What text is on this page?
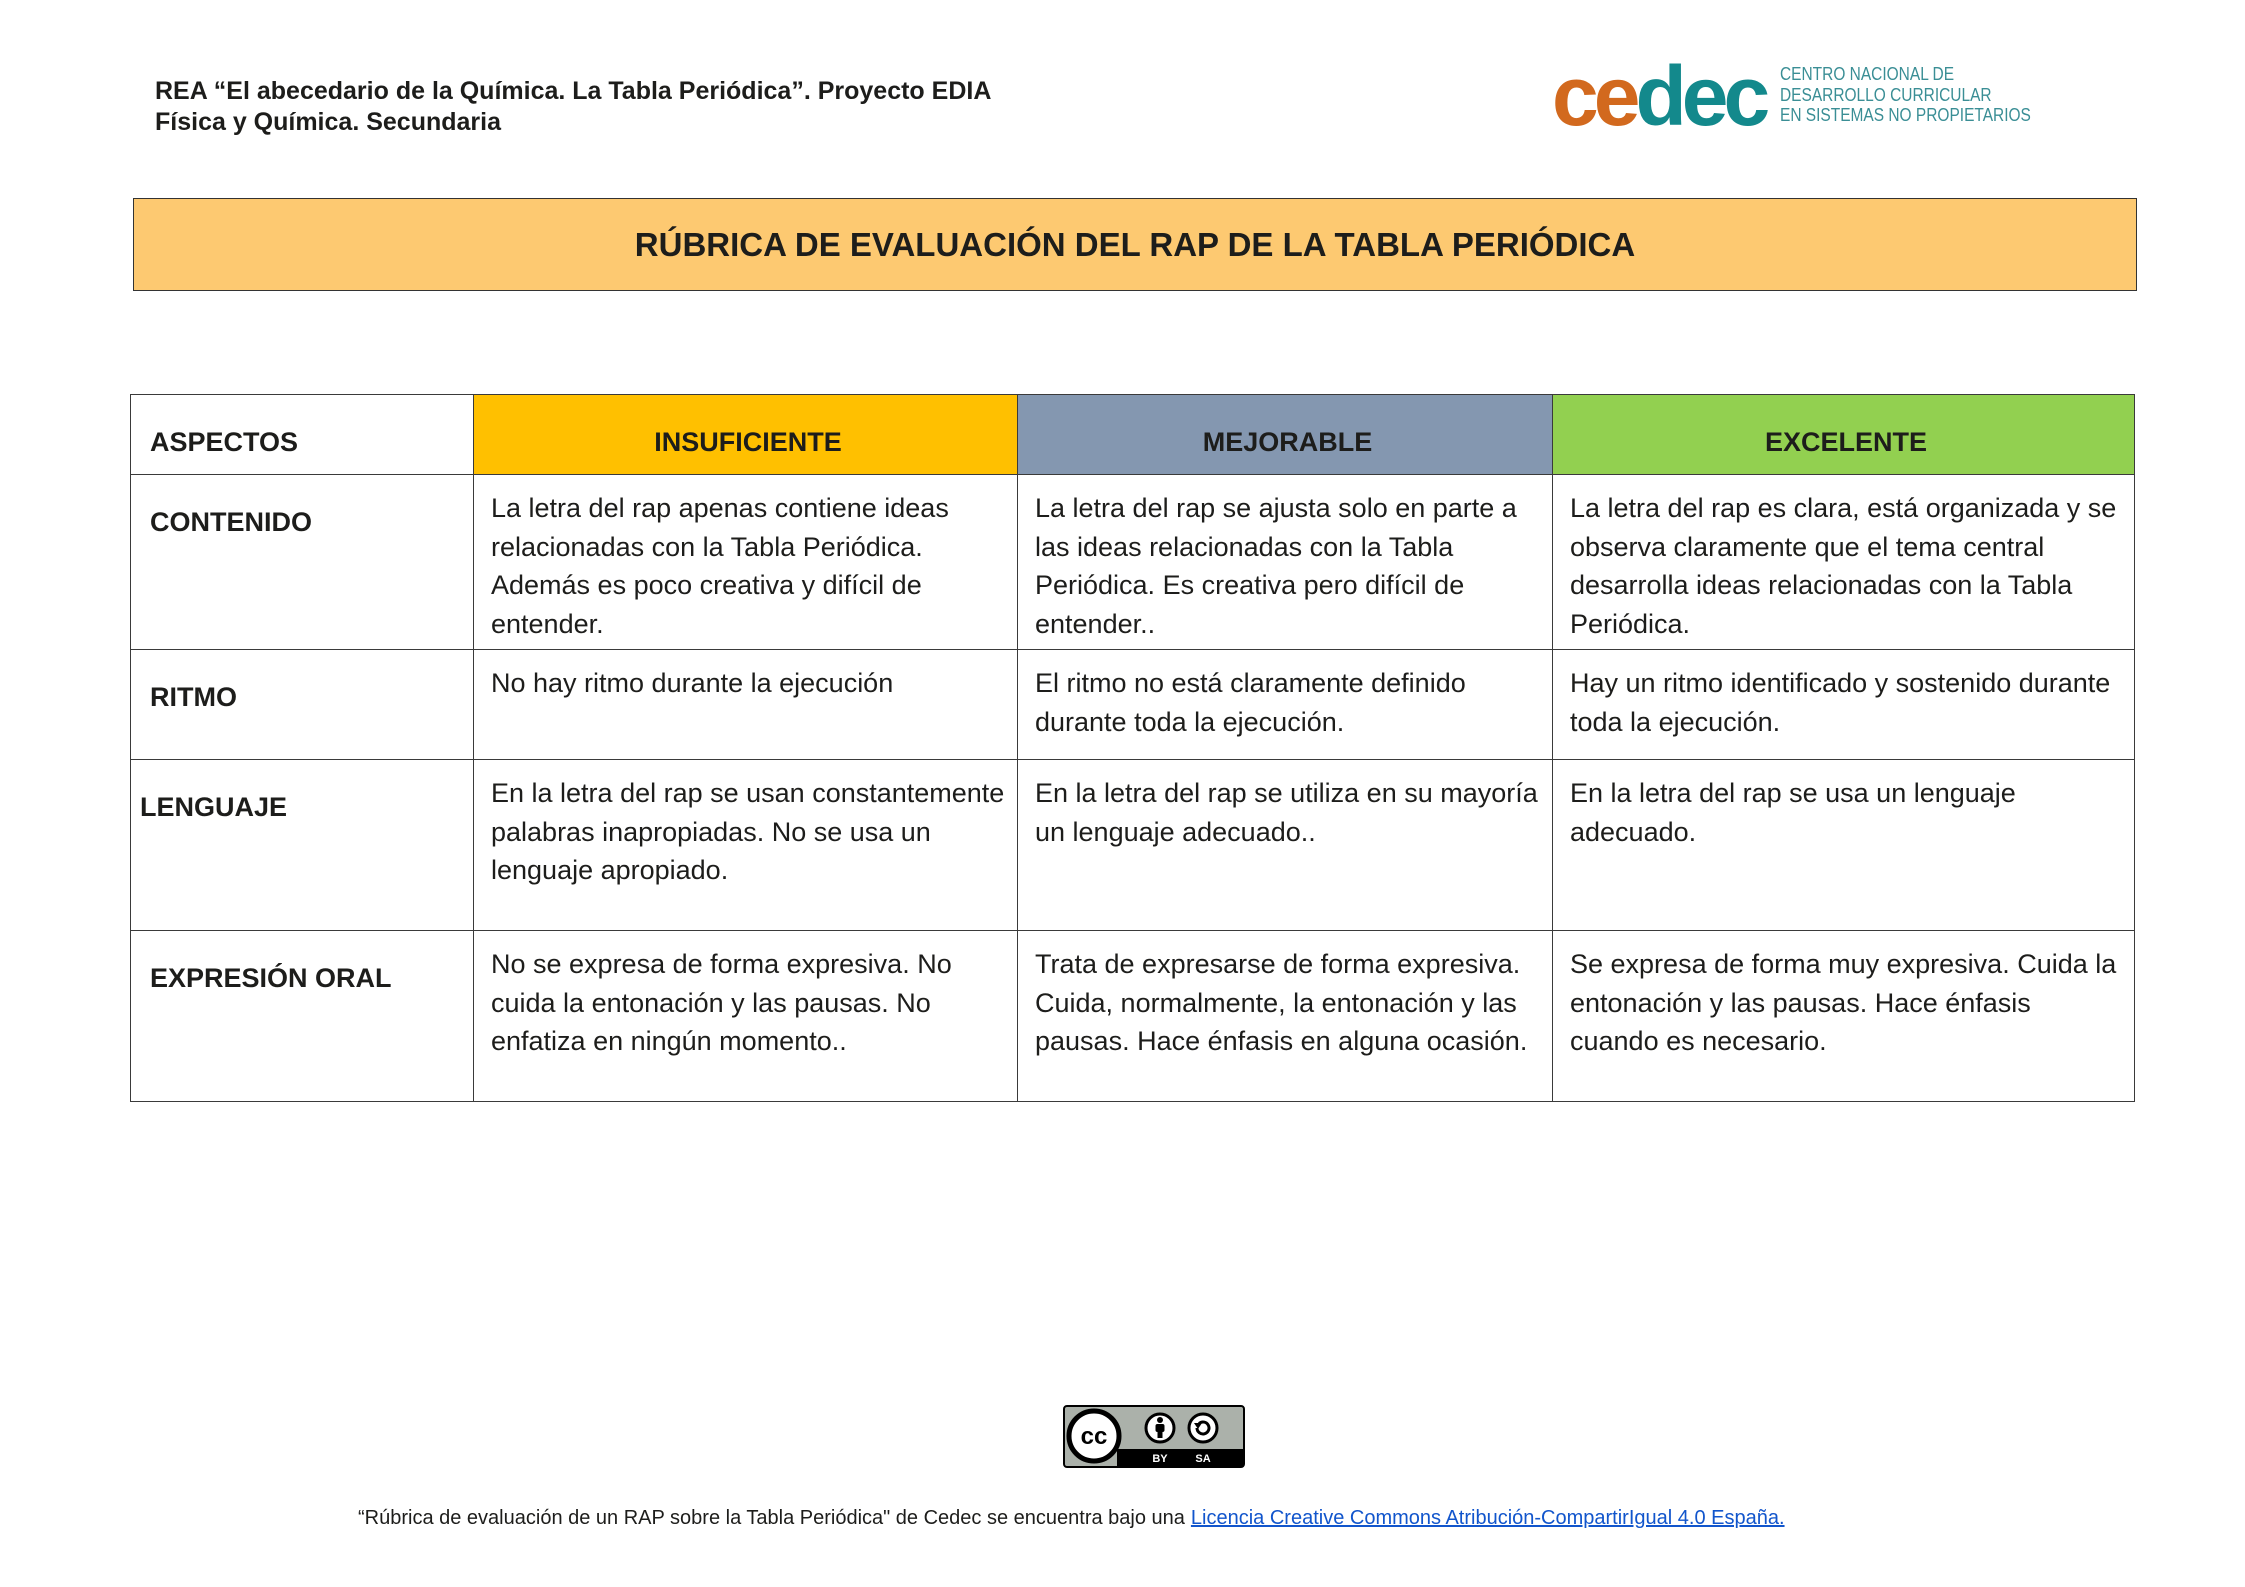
REA “El abecedario de la Química. La Tabla Periódica”. Proyecto EDIA
Física y Química. Secundaria	cedec CENTRO NACIONAL DE
DESARROLLO CURRICULAR
EN SISTEMAS NO PROPIETARIOS
RÚBRICA DE EVALUACIÓN DEL RAP DE LA TABLA PERIÓDICA
ASPECTOS	INSUFICIENTE	MEJORABLE	EXCELENTE
CONTENIDO	La letra del rap apenas contiene ideas relacionadas con la Tabla Periódica. Además es poco creativa y difícil de entender.	La letra del rap se ajusta solo en parte a las ideas relacionadas con la Tabla Periódica. Es creativa pero difícil de entender..	La letra del rap es clara, está organizada y se observa claramente que el tema central desarrolla ideas relacionadas con la Tabla Periódica.
RITMO	No hay ritmo durante la ejecución	El ritmo no está claramente definido durante toda la ejecución.	Hay un ritmo identificado y sostenido durante toda la ejecución.
LENGUAJE	En la letra del rap se usan constantemente palabras inapropiadas. No se usa un lenguaje apropiado.	En la letra del rap se utiliza en su mayoría un lenguaje adecuado..	En la letra del rap se usa un lenguaje adecuado.
EXPRESIÓN ORAL	No se expresa de forma expresiva. No cuida la entonación y las pausas. No enfatiza en ningún momento..	Trata de expresarse de forma expresiva. Cuida, normalmente, la entonación y las pausas. Hace énfasis en alguna ocasión.	Se expresa de forma muy expresiva. Cuida la entonación y las pausas. Hace énfasis cuando es necesario.
cc
BY	SA
“Rúbrica de evaluación de un RAP sobre la Tabla Periódica" de Cedec se encuentra bajo una Licencia Creative Commons Atribución-CompartirIgual 4.0 España.
